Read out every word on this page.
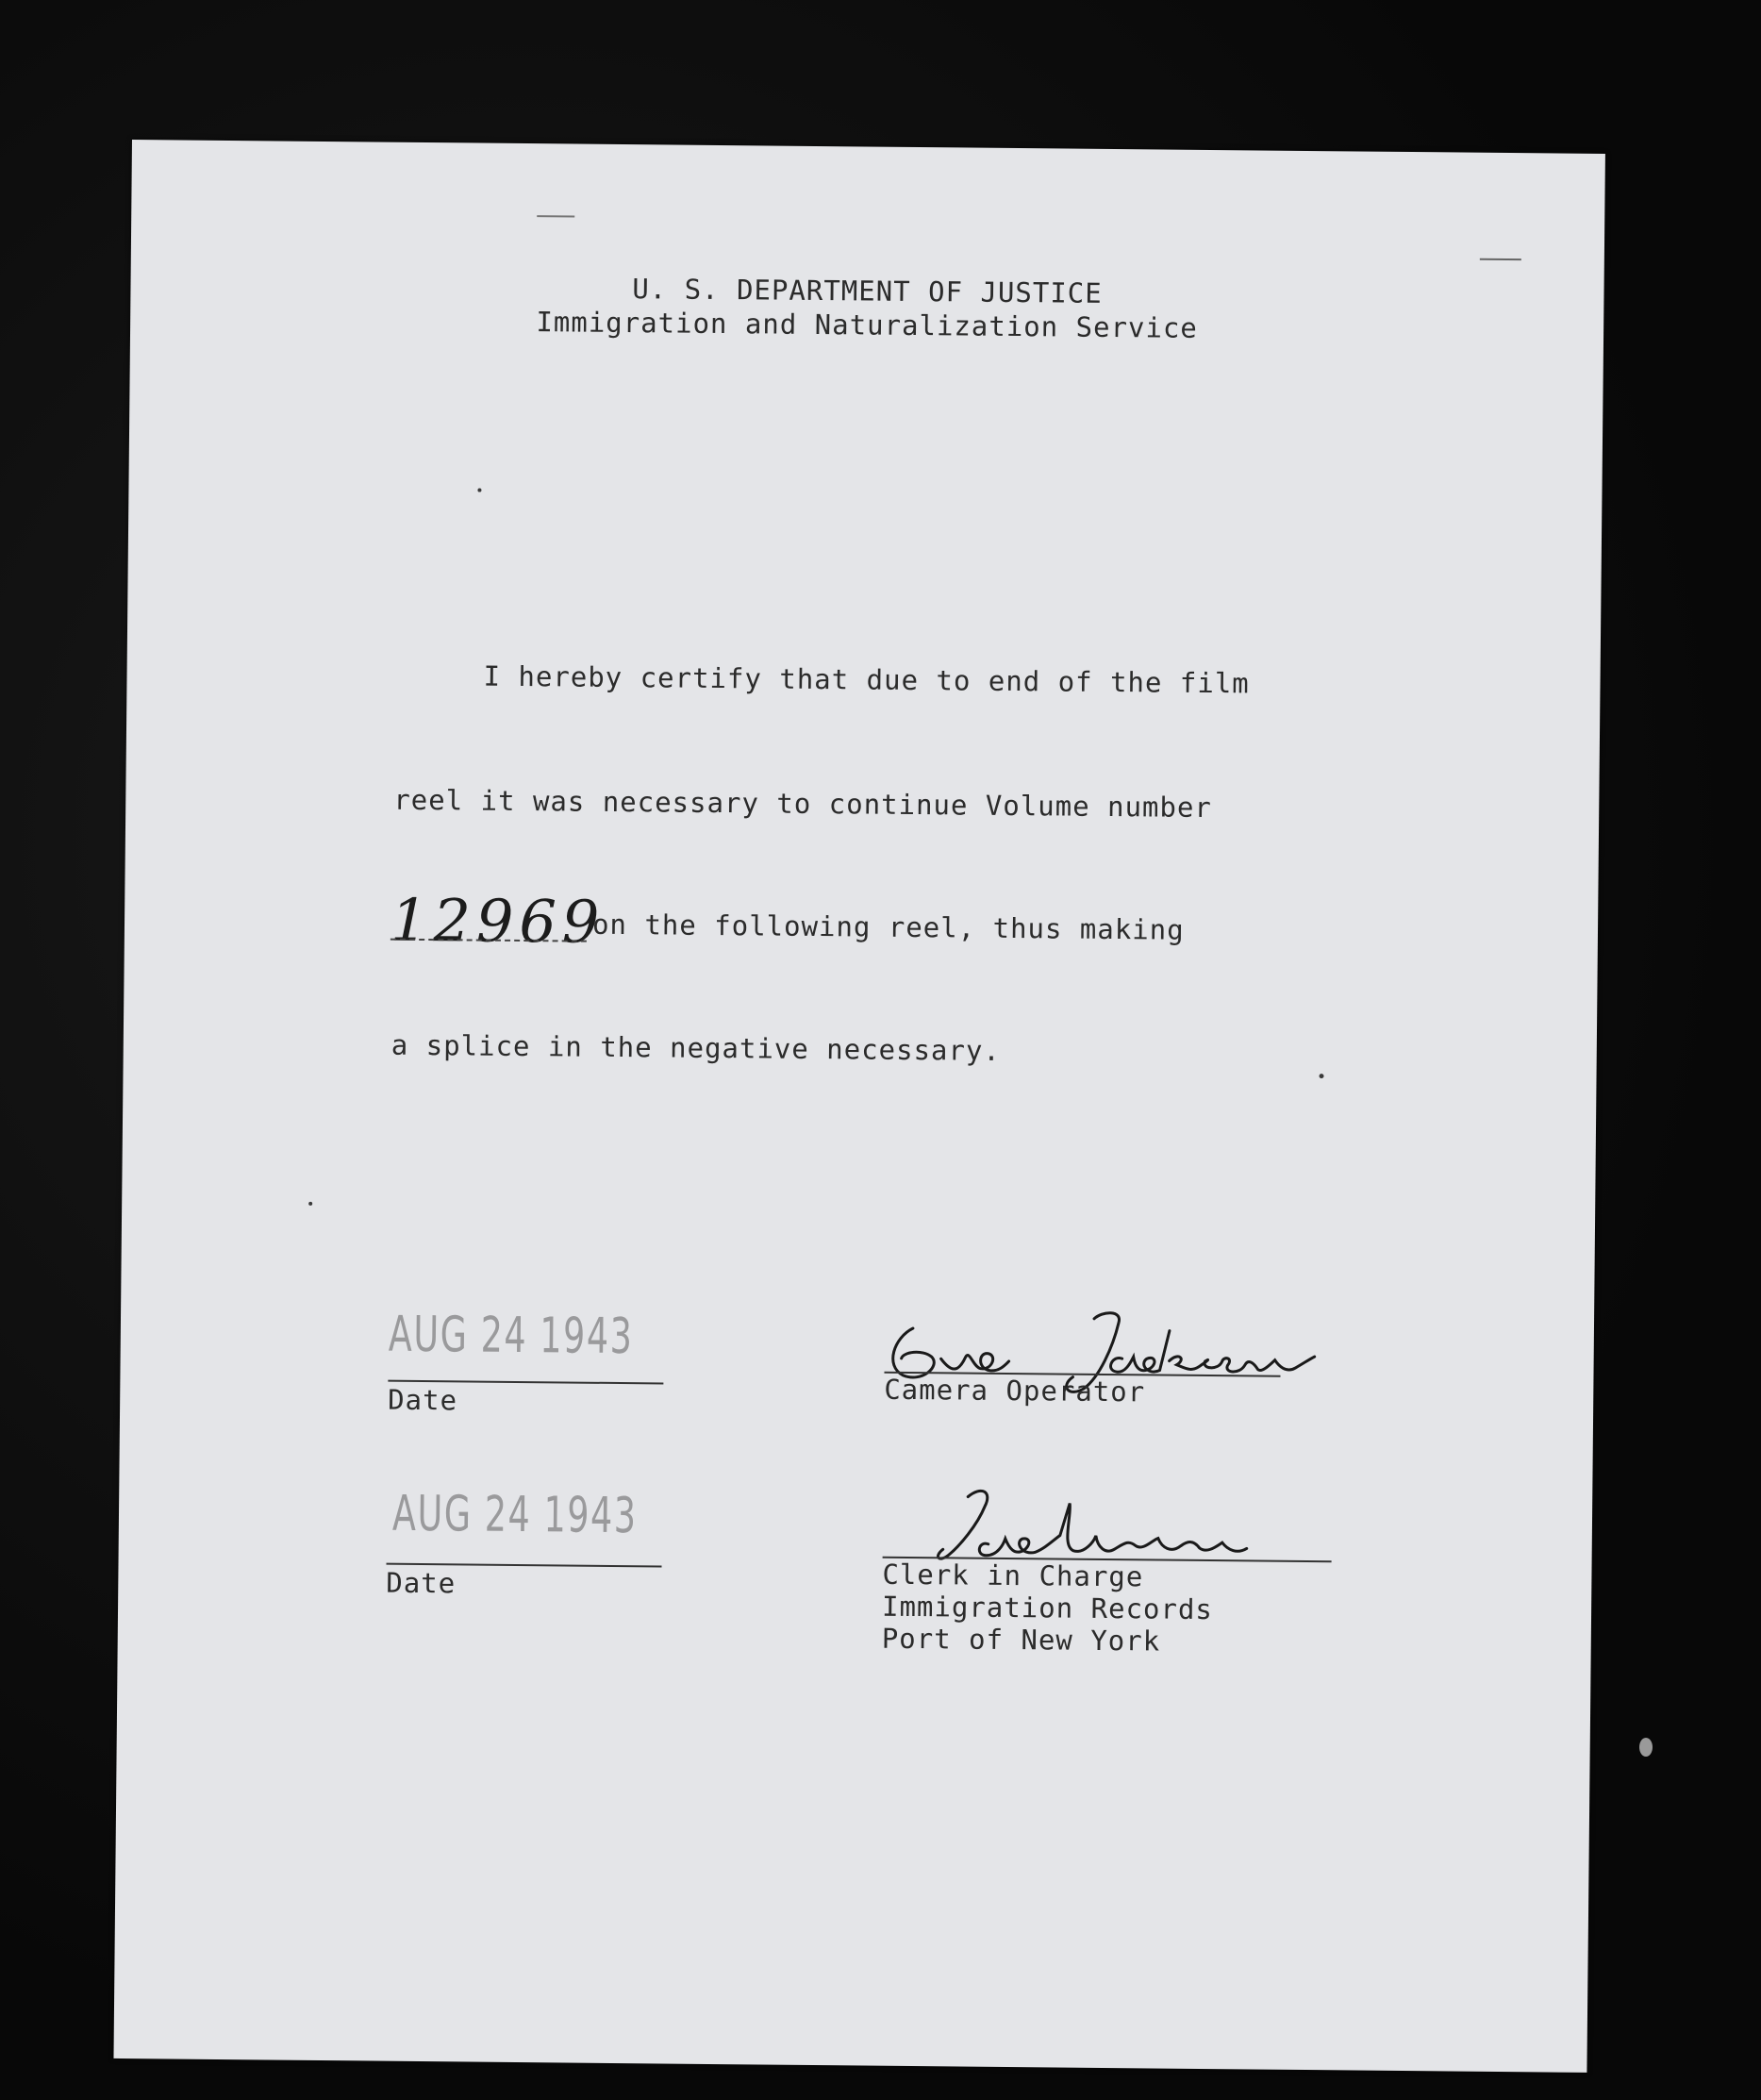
U. S. DEPARTMENT OF JUSTICE
Immigration and Naturalization Service
I hereby certify that due to end of the film
reel it was necessary to continue Volume number
12969
on the following reel, thus making
a splice in the negative necessary.
AUG 24 1943
Date	Camera Operator
AUG 24 1943
Date	Clerk in Charge
Immigration Records
Port of New York
